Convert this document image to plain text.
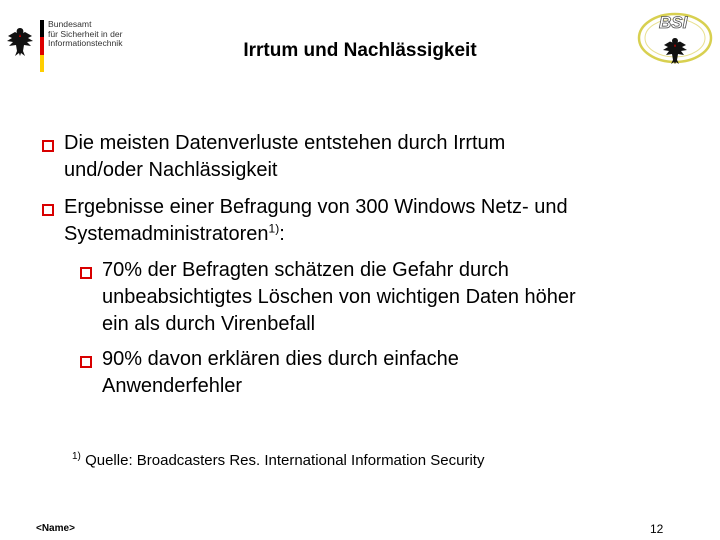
Bundesamt
für Sicherheit in der
Informationstechnik	Irrtum und Nachlässigkeit
BSI
Die meisten Datenverluste entstehen durch Irrtum
und/oder Nachlässigkeit
Ergebnisse einer Befragung von 300 Windows Netz- und
Systemadministratoren$^{1)}$:
70% der Befragten schätzen die Gefahr durch
unbeabsichtigtes Löschen von wichtigen Daten höher
ein als durch Virenbefall
90% davon erklären dies durch einfache
Anwenderfehler
$^{1)}$ Quelle: Broadcasters Res. International Information Security
<Name>	12
